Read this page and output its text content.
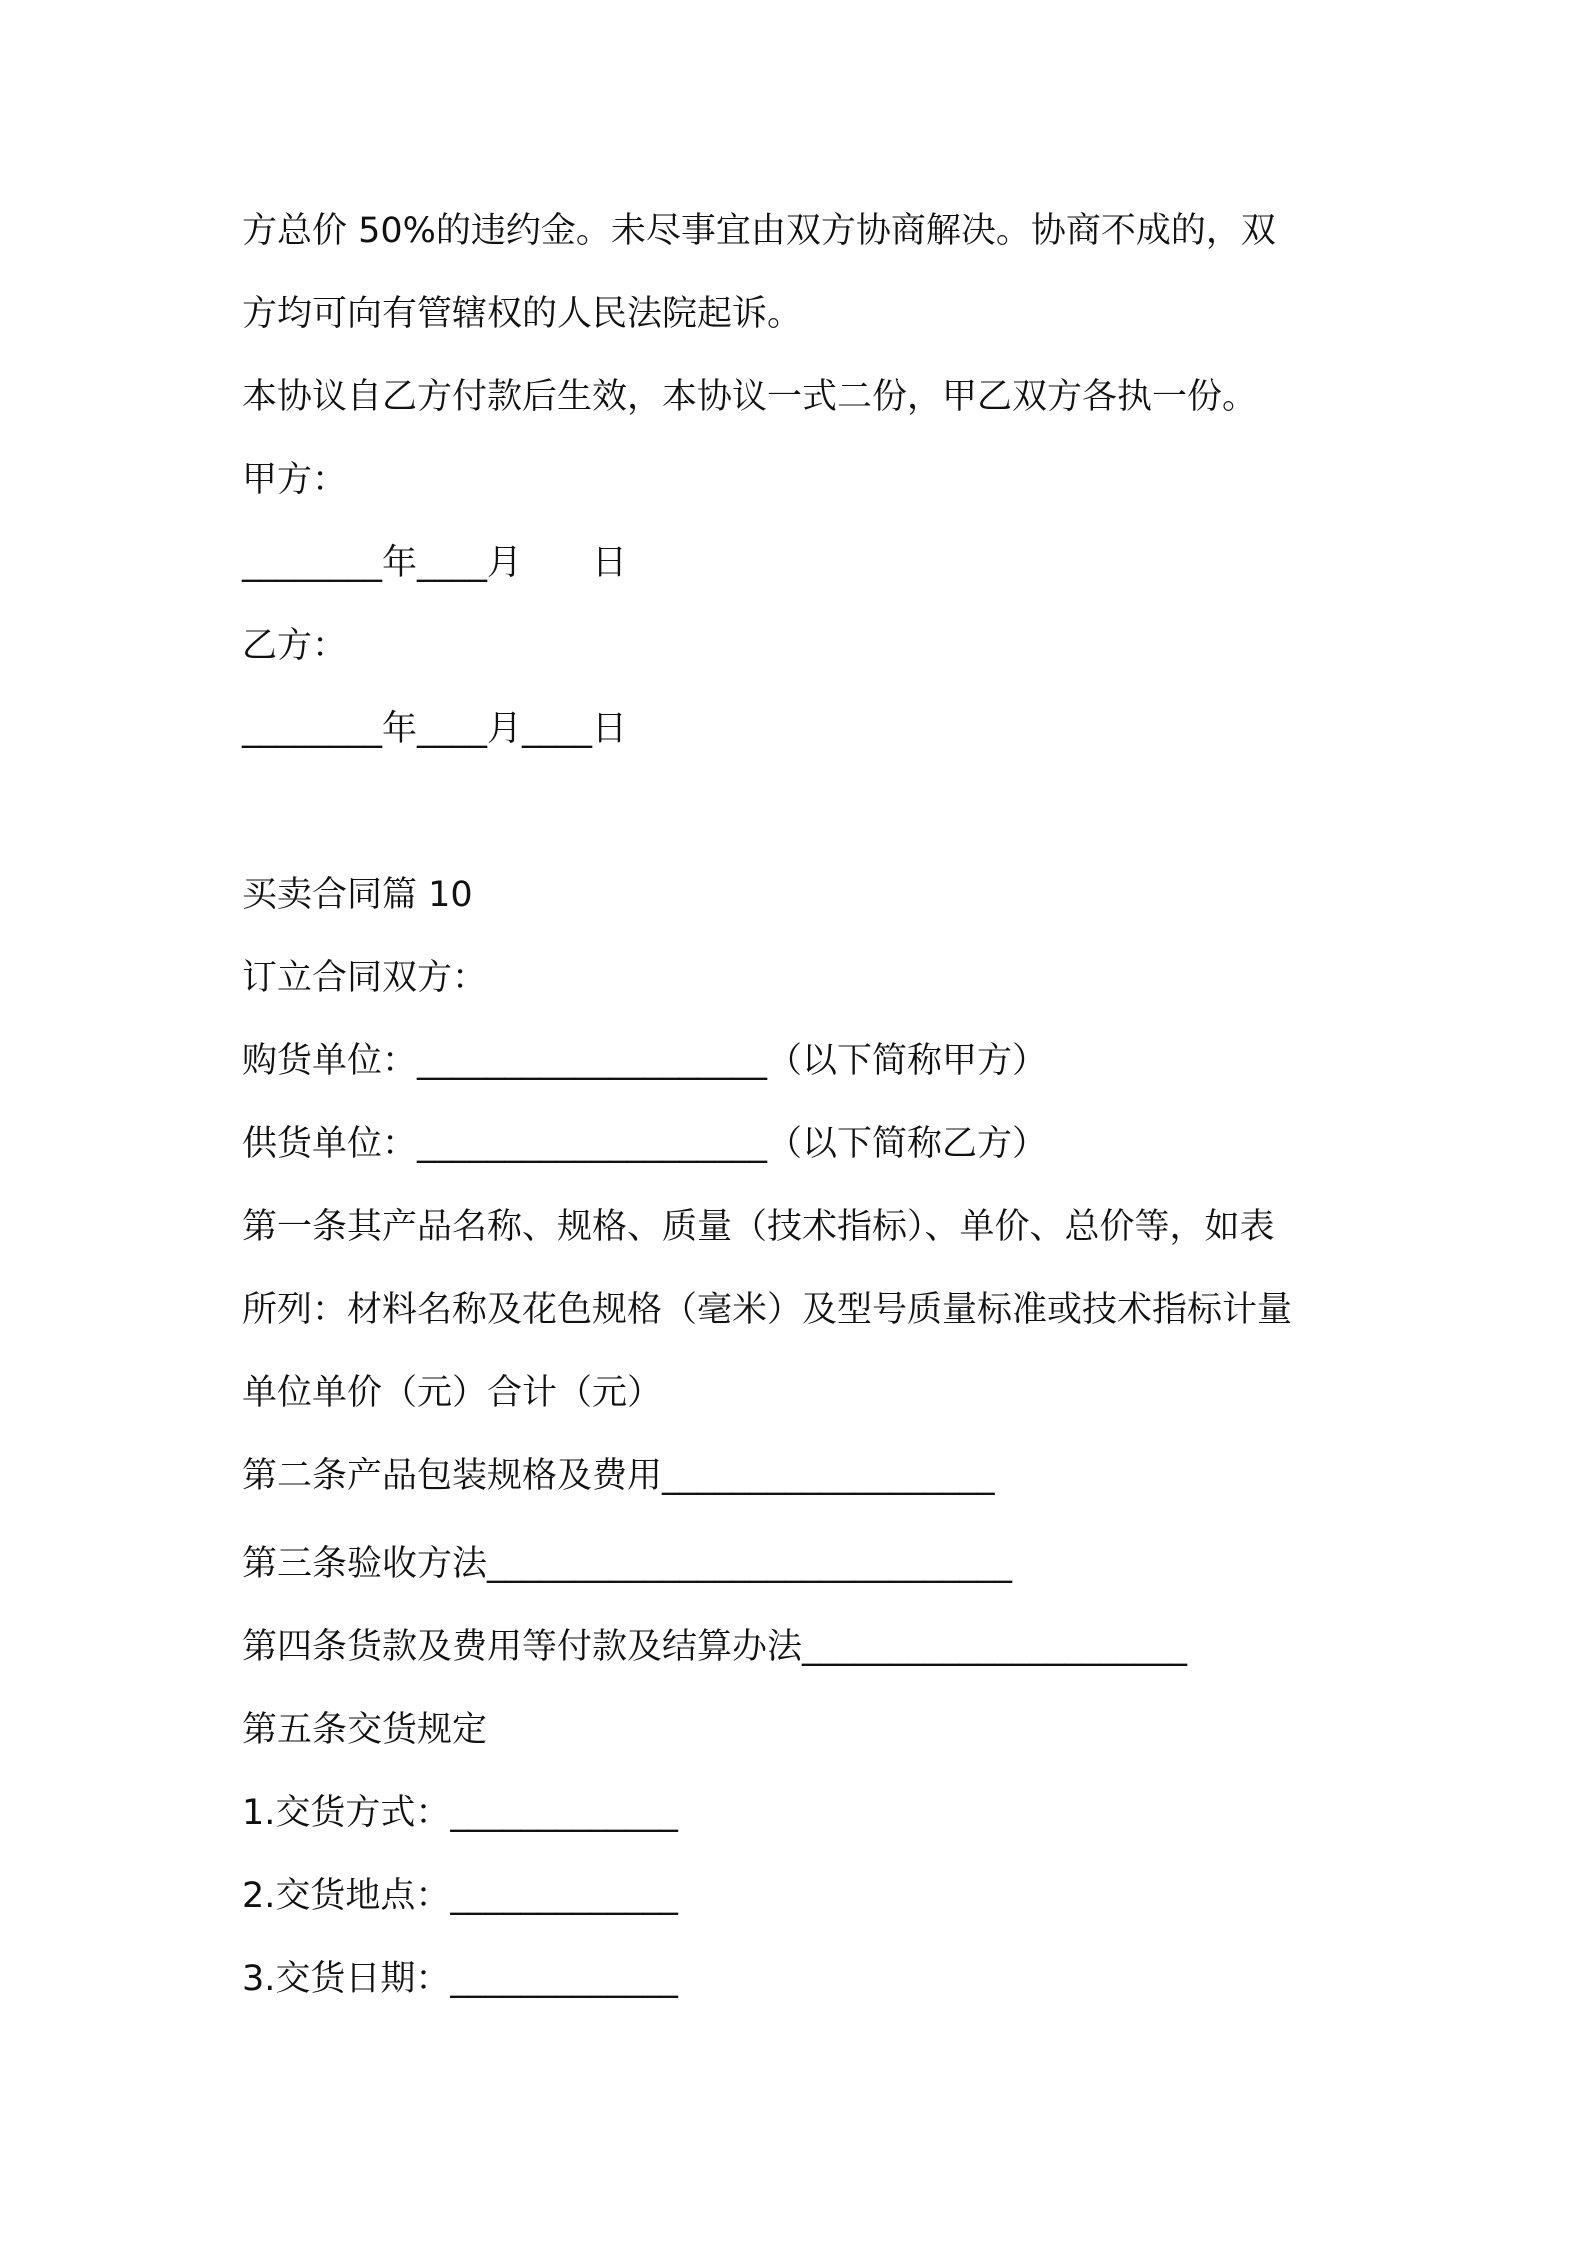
方总价 50%的违约金。未尽事宜由双方协商解决。协商不成的，双
方均可向有管辖权的人民法院起诉。
本协议自乙方付款后生效，本协议一式二份，甲乙双方各执一份。
甲方：
________年____月　　日
乙方：
________年____月____日
买卖合同篇 10
订立合同双方：
购货单位：____________________（以下简称甲方）
供货单位：____________________（以下简称乙方）
第一条其产品名称、规格、质量（技术指标）、单价、总价等，如表
所列：材料名称及花色规格（毫米）及型号质量标准或技术指标计量
单位单价（元）合计（元）
第二条产品包装规格及费用___________________
第三条验收方法______________________________
第四条货款及费用等付款及结算办法______________________
第五条交货规定
1.交货方式：_____________
2.交货地点：_____________
3.交货日期：_____________
